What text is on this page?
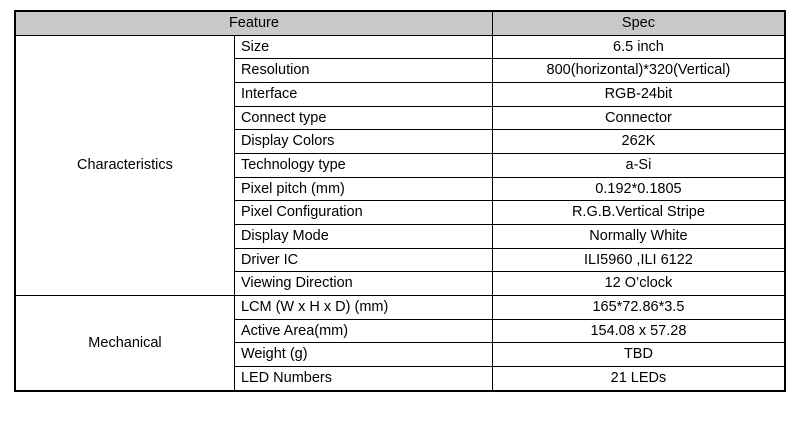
Feature		Spec
Characteristics	Size	6.5 inch
	Resolution	800(horizontal)*320(Vertical)
	Interface	RGB-24bit
	Connect type	Connector
	Display Colors	262K
	Technology type	a-Si
	Pixel pitch (mm)	0.192*0.1805
	Pixel Configuration	R.G.B.Vertical Stripe
	Display Mode	Normally White
	Driver IC	ILI5960 ,ILI 6122
	Viewing Direction	12 O’clock
Mechanical	LCM (W x H x D) (mm)	165*72.86*3.5
	Active Area(mm)	154.08 x 57.28
	Weight (g)	TBD
	LED Numbers	21 LEDs
